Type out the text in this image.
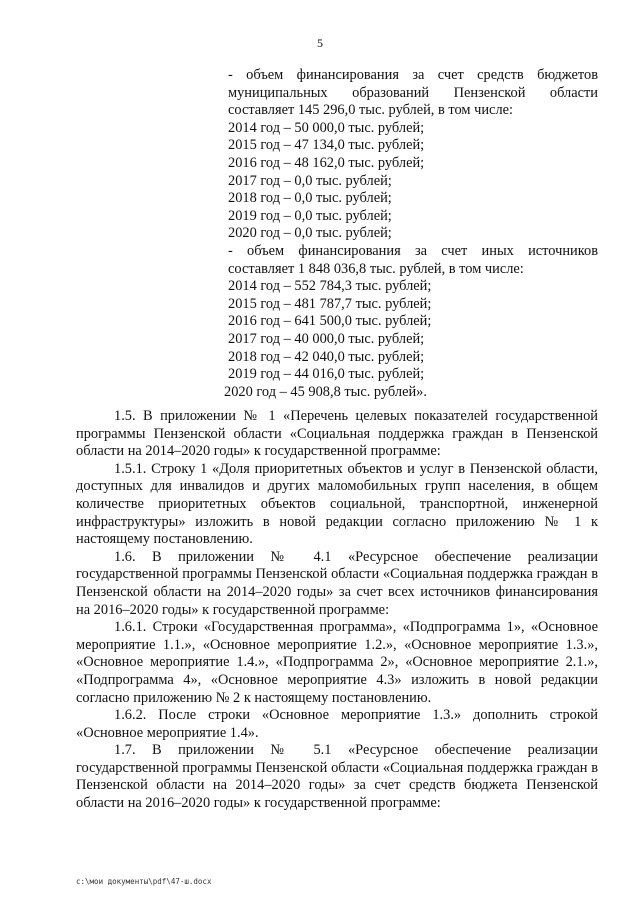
5

- объем финансирования за счет средств бюджетов муниципальных образований Пензенской области составляет 145 296,0 тыс. рублей, в том числе:

2014 год – 50 000,0 тыс. рублей;
2015 год – 47 134,0 тыс. рублей;
2016 год – 48 162,0 тыс. рублей;
2017 год – 0,0 тыс. рублей;
2018 год – 0,0 тыс. рублей;
2019 год – 0,0 тыс. рублей;
2020 год – 0,0 тыс. рублей;

- объем финансирования за счет иных источников составляет 1 848 036,8 тыс. рублей, в том числе:

2014 год – 552 784,3 тыс. рублей;
2015 год – 481 787,7 тыс. рублей;
2016 год – 641 500,0 тыс. рублей;
2017 год – 40 000,0 тыс. рублей;
2018 год – 42 040,0 тыс. рублей;
2019 год – 44 016,0 тыс. рублей;
2020 год – 45 908,8 тыс. рублей».

1.5. В приложении № 1 «Перечень целевых показателей государственной программы Пензенской области «Социальная поддержка граждан в Пензенской области на 2014–2020 годы» к государственной программе:

1.5.1. Строку 1 «Доля приоритетных объектов и услуг в Пензенской области, доступных для инвалидов и других маломобильных групп населения, в общем количестве приоритетных объектов социальной, транспортной, инженерной инфраструктуры» изложить в новой редакции согласно приложению № 1 к настоящему постановлению.

1.6. В приложении № 4.1 «Ресурсное обеспечение реализации государственной программы Пензенской области «Социальная поддержка граждан в Пензенской области на 2014–2020 годы» за счет всех источников финансирования на 2016–2020 годы» к государственной программе:

1.6.1. Строки «Государственная программа», «Подпрограмма 1», «Основное мероприятие 1.1.», «Основное мероприятие 1.2.», «Основное мероприятие 1.3.», «Основное мероприятие 1.4.», «Подпрограмма 2», «Основное мероприятие 2.1.», «Подпрограмма 4», «Основное мероприятие 4.3» изложить в новой редакции согласно приложению № 2 к настоящему постановлению.

1.6.2. После строки «Основное мероприятие 1.3.» дополнить строкой «Основное мероприятие 1.4».

1.7. В приложении № 5.1 «Ресурсное обеспечение реализации государственной программы Пензенской области «Социальная поддержка граждан в Пензенской области на 2014–2020 годы» за счет средств бюджета Пензенской области на 2016–2020 годы» к государственной программе:

c:\мои документы\pdf\47-ш.docx
